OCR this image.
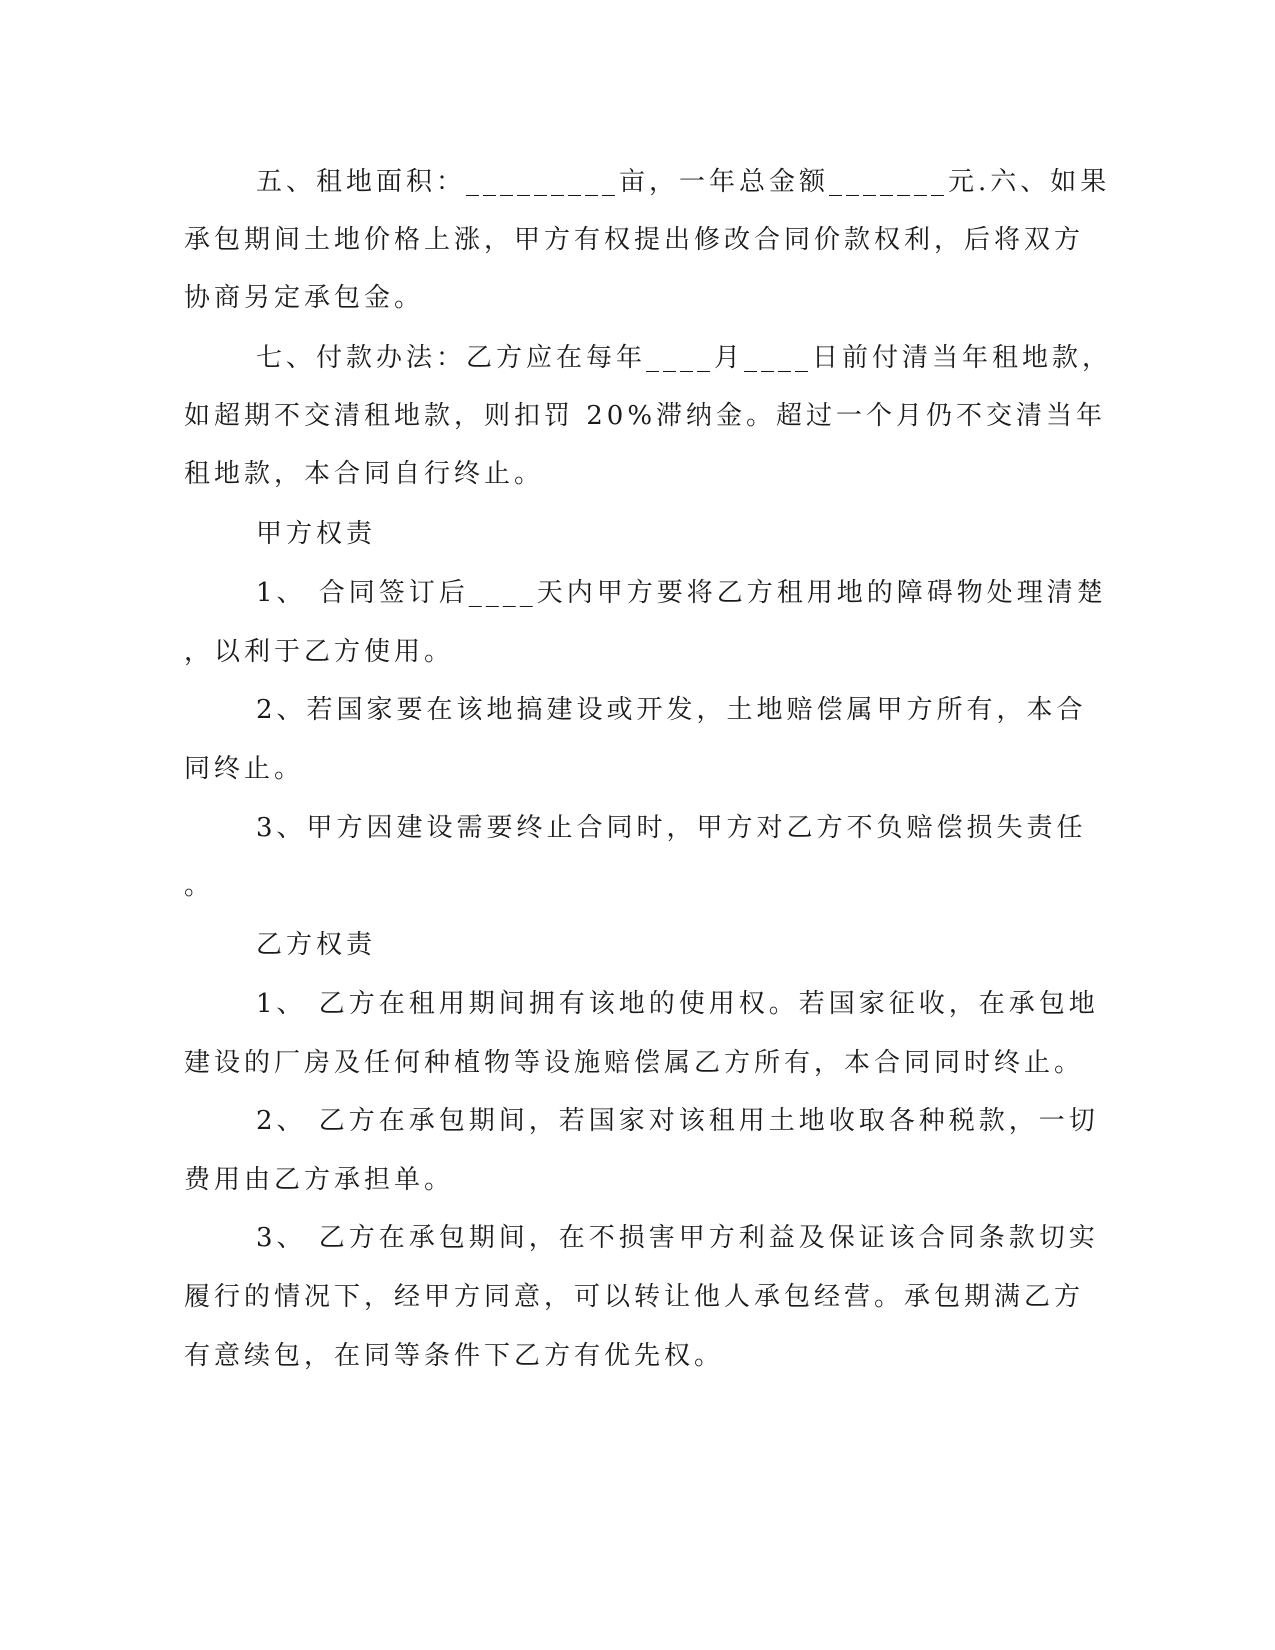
五、租地面积：_________亩，一年总金额_______元.六、如果
承包期间土地价格上涨，甲方有权提出修改合同价款权利，后将双方
协商另定承包金。
七、付款办法：乙方应在每年____月____日前付清当年租地款，
如超期不交清租地款，则扣罚 20%滞纳金。超过一个月仍不交清当年
租地款，本合同自行终止。
甲方权责
1、 合同签订后____天内甲方要将乙方租用地的障碍物处理清楚
，以利于乙方使用。
2、若国家要在该地搞建设或开发，土地赔偿属甲方所有，本合
同终止。
3、甲方因建设需要终止合同时，甲方对乙方不负赔偿损失责任
。
乙方权责
1、 乙方在租用期间拥有该地的使用权。若国家征收，在承包地
建设的厂房及任何种植物等设施赔偿属乙方所有，本合同同时终止。
2、 乙方在承包期间，若国家对该租用土地收取各种税款，一切
费用由乙方承担单。
3、 乙方在承包期间，在不损害甲方利益及保证该合同条款切实
履行的情况下，经甲方同意，可以转让他人承包经营。承包期满乙方
有意续包，在同等条件下乙方有优先权。
